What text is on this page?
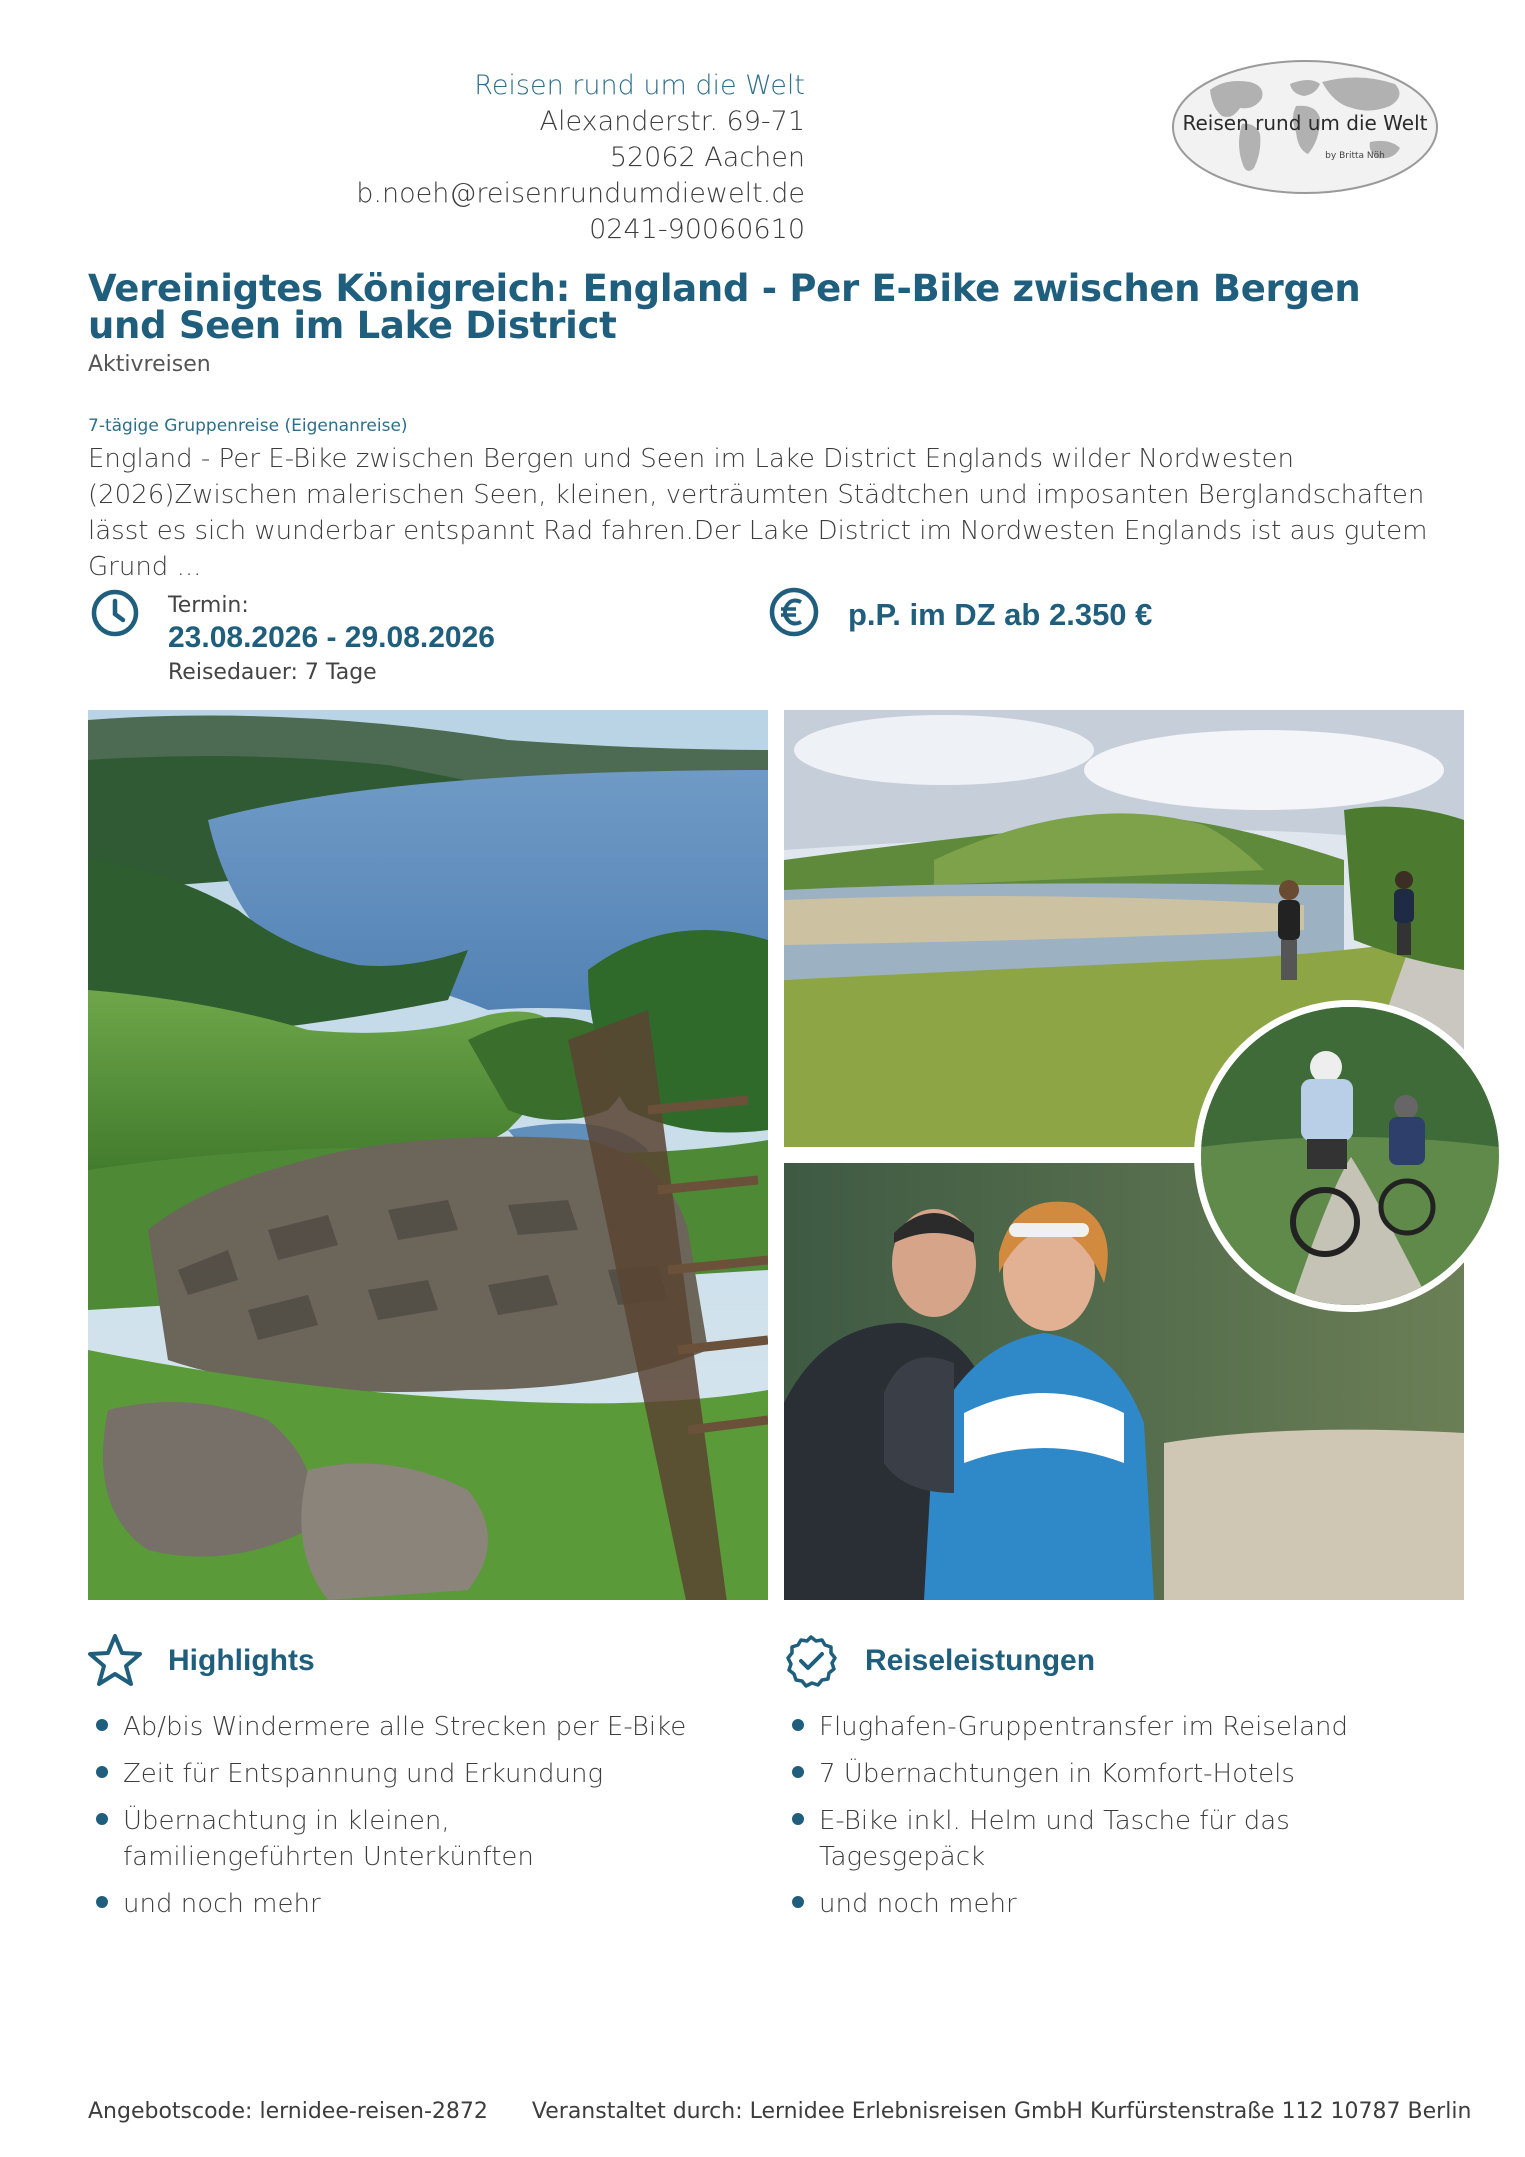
Reisen rund um die Welt
Alexanderstr. 69-71
52062 Aachen
b.noeh@reisenrundumdiewelt.de
0241-90060610
Reisen rund um die Welt
by Britta Nöh
Vereinigtes Königreich: England - Per E-Bike zwischen Bergen und Seen im Lake District
Aktivreisen
7-tägige Gruppenreise (Eigenanreise)
England - Per E-Bike zwischen Bergen und Seen im Lake District Englands wilder Nordwesten (2026)Zwischen malerischen Seen, kleinen, verträumten Städtchen und imposanten Berglandschaften lässt es sich wunderbar entspannt Rad fahren.Der Lake District im Nordwesten Englands ist aus gutem Grund ...
Termin:
23.08.2026 - 29.08.2026
Reisedauer: 7 Tage
p.P. im DZ ab 2.350 €
Highlights
Ab/bis Windermere alle Strecken per E-Bike
Zeit für Entspannung und Erkundung
Übernachtung in kleinen, familiengeführten Unterkünften
und noch mehr
Reiseleistungen
Flughafen-Gruppentransfer im Reiseland
7 Übernachtungen in Komfort-Hotels
E-Bike inkl. Helm und Tasche für das Tagesgepäck
und noch mehr
Angebotscode: lernidee-reisen-2872 Veranstaltet durch: Lernidee Erlebnisreisen GmbH Kurfürstenstraße 112 10787 Berlin
